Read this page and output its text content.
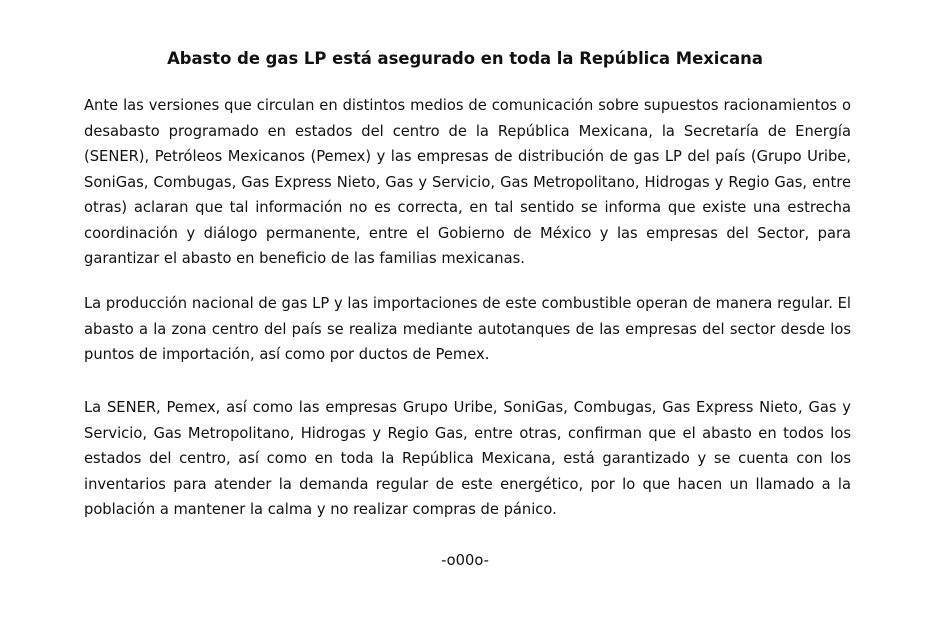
Abasto de gas LP está asegurado en toda la República Mexicana

Ante las versiones que circulan en distintos medios de comunicación sobre supuestos racionamientos o desabasto programado en estados del centro de la República Mexicana, la Secretaría de Energía (SENER), Petróleos Mexicanos (Pemex) y las empresas de distribución de gas LP del país (Grupo Uribe, SoniGas, Combugas, Gas Express Nieto, Gas y Servicio, Gas Metropolitano, Hidrogas y Regio Gas, entre otras) aclaran que tal información no es correcta, en tal sentido se informa que existe una estrecha coordinación y diálogo permanente, entre el Gobierno de México y las empresas del Sector, para garantizar el abasto en beneficio de las familias mexicanas.

La producción nacional de gas LP y las importaciones de este combustible operan de manera regular. El abasto a la zona centro del país se realiza mediante autotanques de las empresas del sector desde los puntos de importación, así como por ductos de Pemex.

La SENER, Pemex, así como las empresas Grupo Uribe, SoniGas, Combugas, Gas Express Nieto, Gas y Servicio, Gas Metropolitano, Hidrogas y Regio Gas, entre otras, confirman que el abasto en todos los estados del centro, así como en toda la República Mexicana, está garantizado y se cuenta con los inventarios para atender la demanda regular de este energético, por lo que hacen un llamado a la población a mantener la calma y no realizar compras de pánico.

-o00o-
